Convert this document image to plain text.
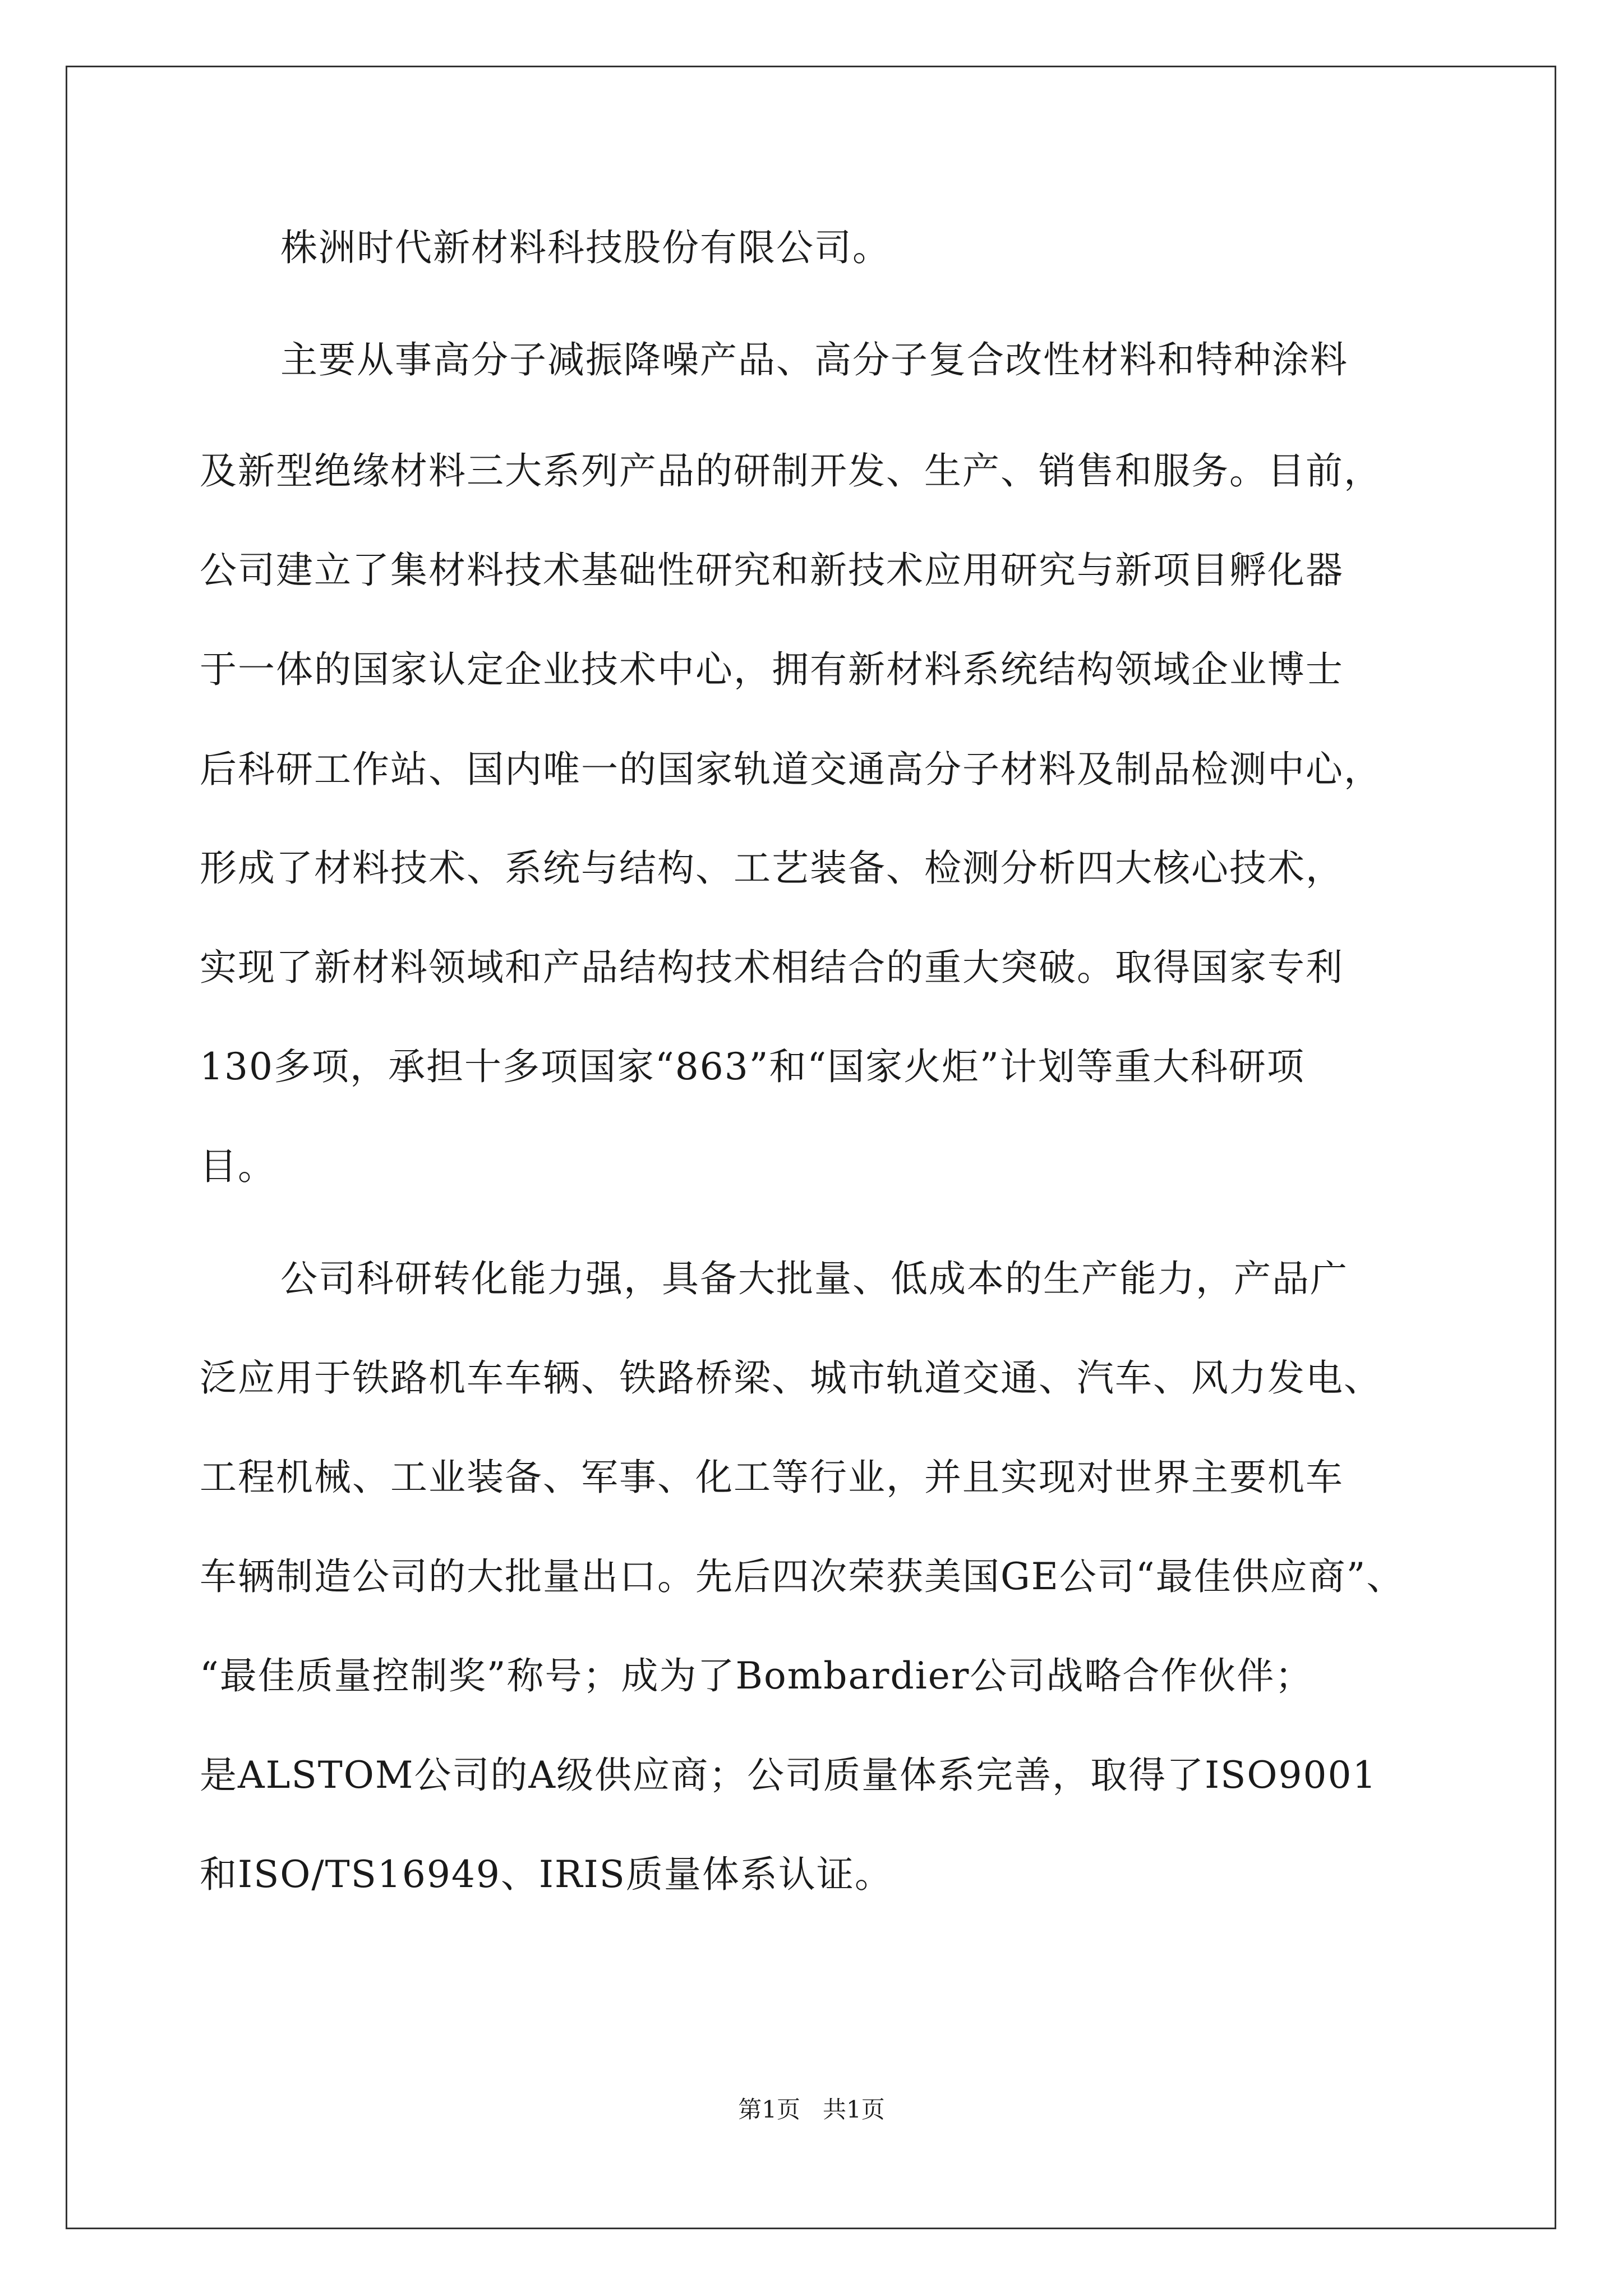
株洲时代新材料科技股份有限公司。
主要从事高分子减振降噪产品、高分子复合改性材料和特种涂料
及新型绝缘材料三大系列产品的研制开发、生产、销售和服务。目前，
公司建立了集材料技术基础性研究和新技术应用研究与新项目孵化器
于一体的国家认定企业技术中心，拥有新材料系统结构领域企业博士
后科研工作站、国内唯一的国家轨道交通高分子材料及制品检测中心，
形成了材料技术、系统与结构、工艺装备、检测分析四大核心技术，
实现了新材料领域和产品结构技术相结合的重大突破。取得国家专利
130多项，承担十多项国家“863”和“国家火炬”计划等重大科研项
目。
公司科研转化能力强，具备大批量、低成本的生产能力，产品广
泛应用于铁路机车车辆、铁路桥梁、城市轨道交通、汽车、风力发电、
工程机械、工业装备、军事、化工等行业，并且实现对世界主要机车
车辆制造公司的大批量出口。先后四次荣获美国GE公司“最佳供应商”、
“最佳质量控制奖”称号；成为了Bombardier公司战略合作伙伴；
是ALSTOM公司的A级供应商；公司质量体系完善，取得了ISO9001
和ISO/TS16949、IRIS质量体系认证。
第1页 共1页
